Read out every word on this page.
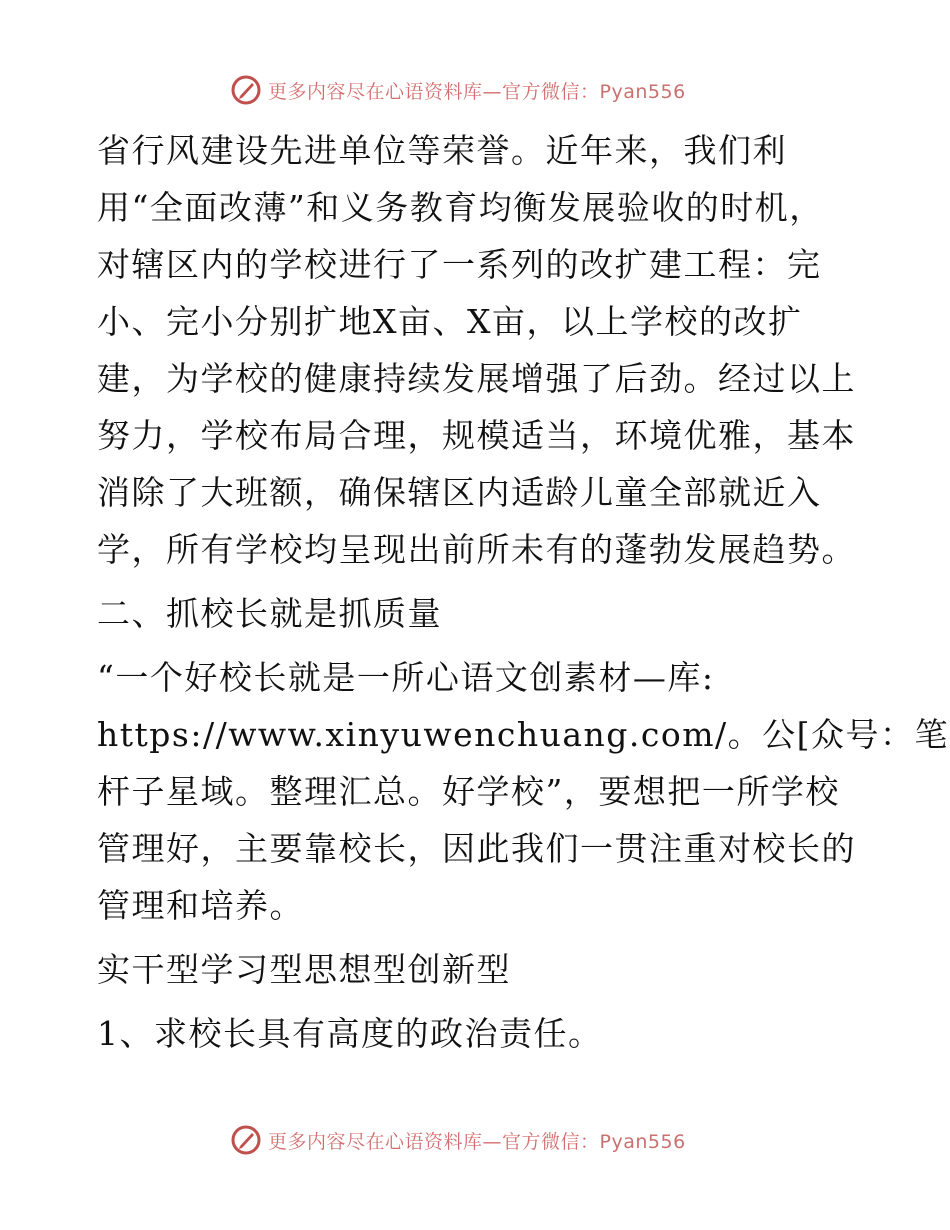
更多内容尽在心语资料库—官方微信：Pyan556
省行风建设先进单位等荣誉。近年来，我们利
用“全面改薄”和义务教育均衡发展验收的时机，
对辖区内的学校进行了一系列的改扩建工程：完
小、完小分别扩地X亩、X亩，以上学校的改扩
建，为学校的健康持续发展增强了后劲。经过以上
努力，学校布局合理，规模适当，环境优雅，基本
消除了大班额，确保辖区内适龄儿童全部就近入
学，所有学校均呈现出前所未有的蓬勃发展趋势。
二、抓校长就是抓质量
“一个好校长就是一所心语文创素材—库:
https://www.xinyuwenchuang.com/。公[众号：笔
杆子星域。整理汇总。好学校”，要想把一所学校
管理好，主要靠校长，因此我们一贯注重对校长的
管理和培养。
实干型学习型思想型创新型
1、求校长具有高度的政治责任。
更多内容尽在心语资料库—官方微信：Pyan556
